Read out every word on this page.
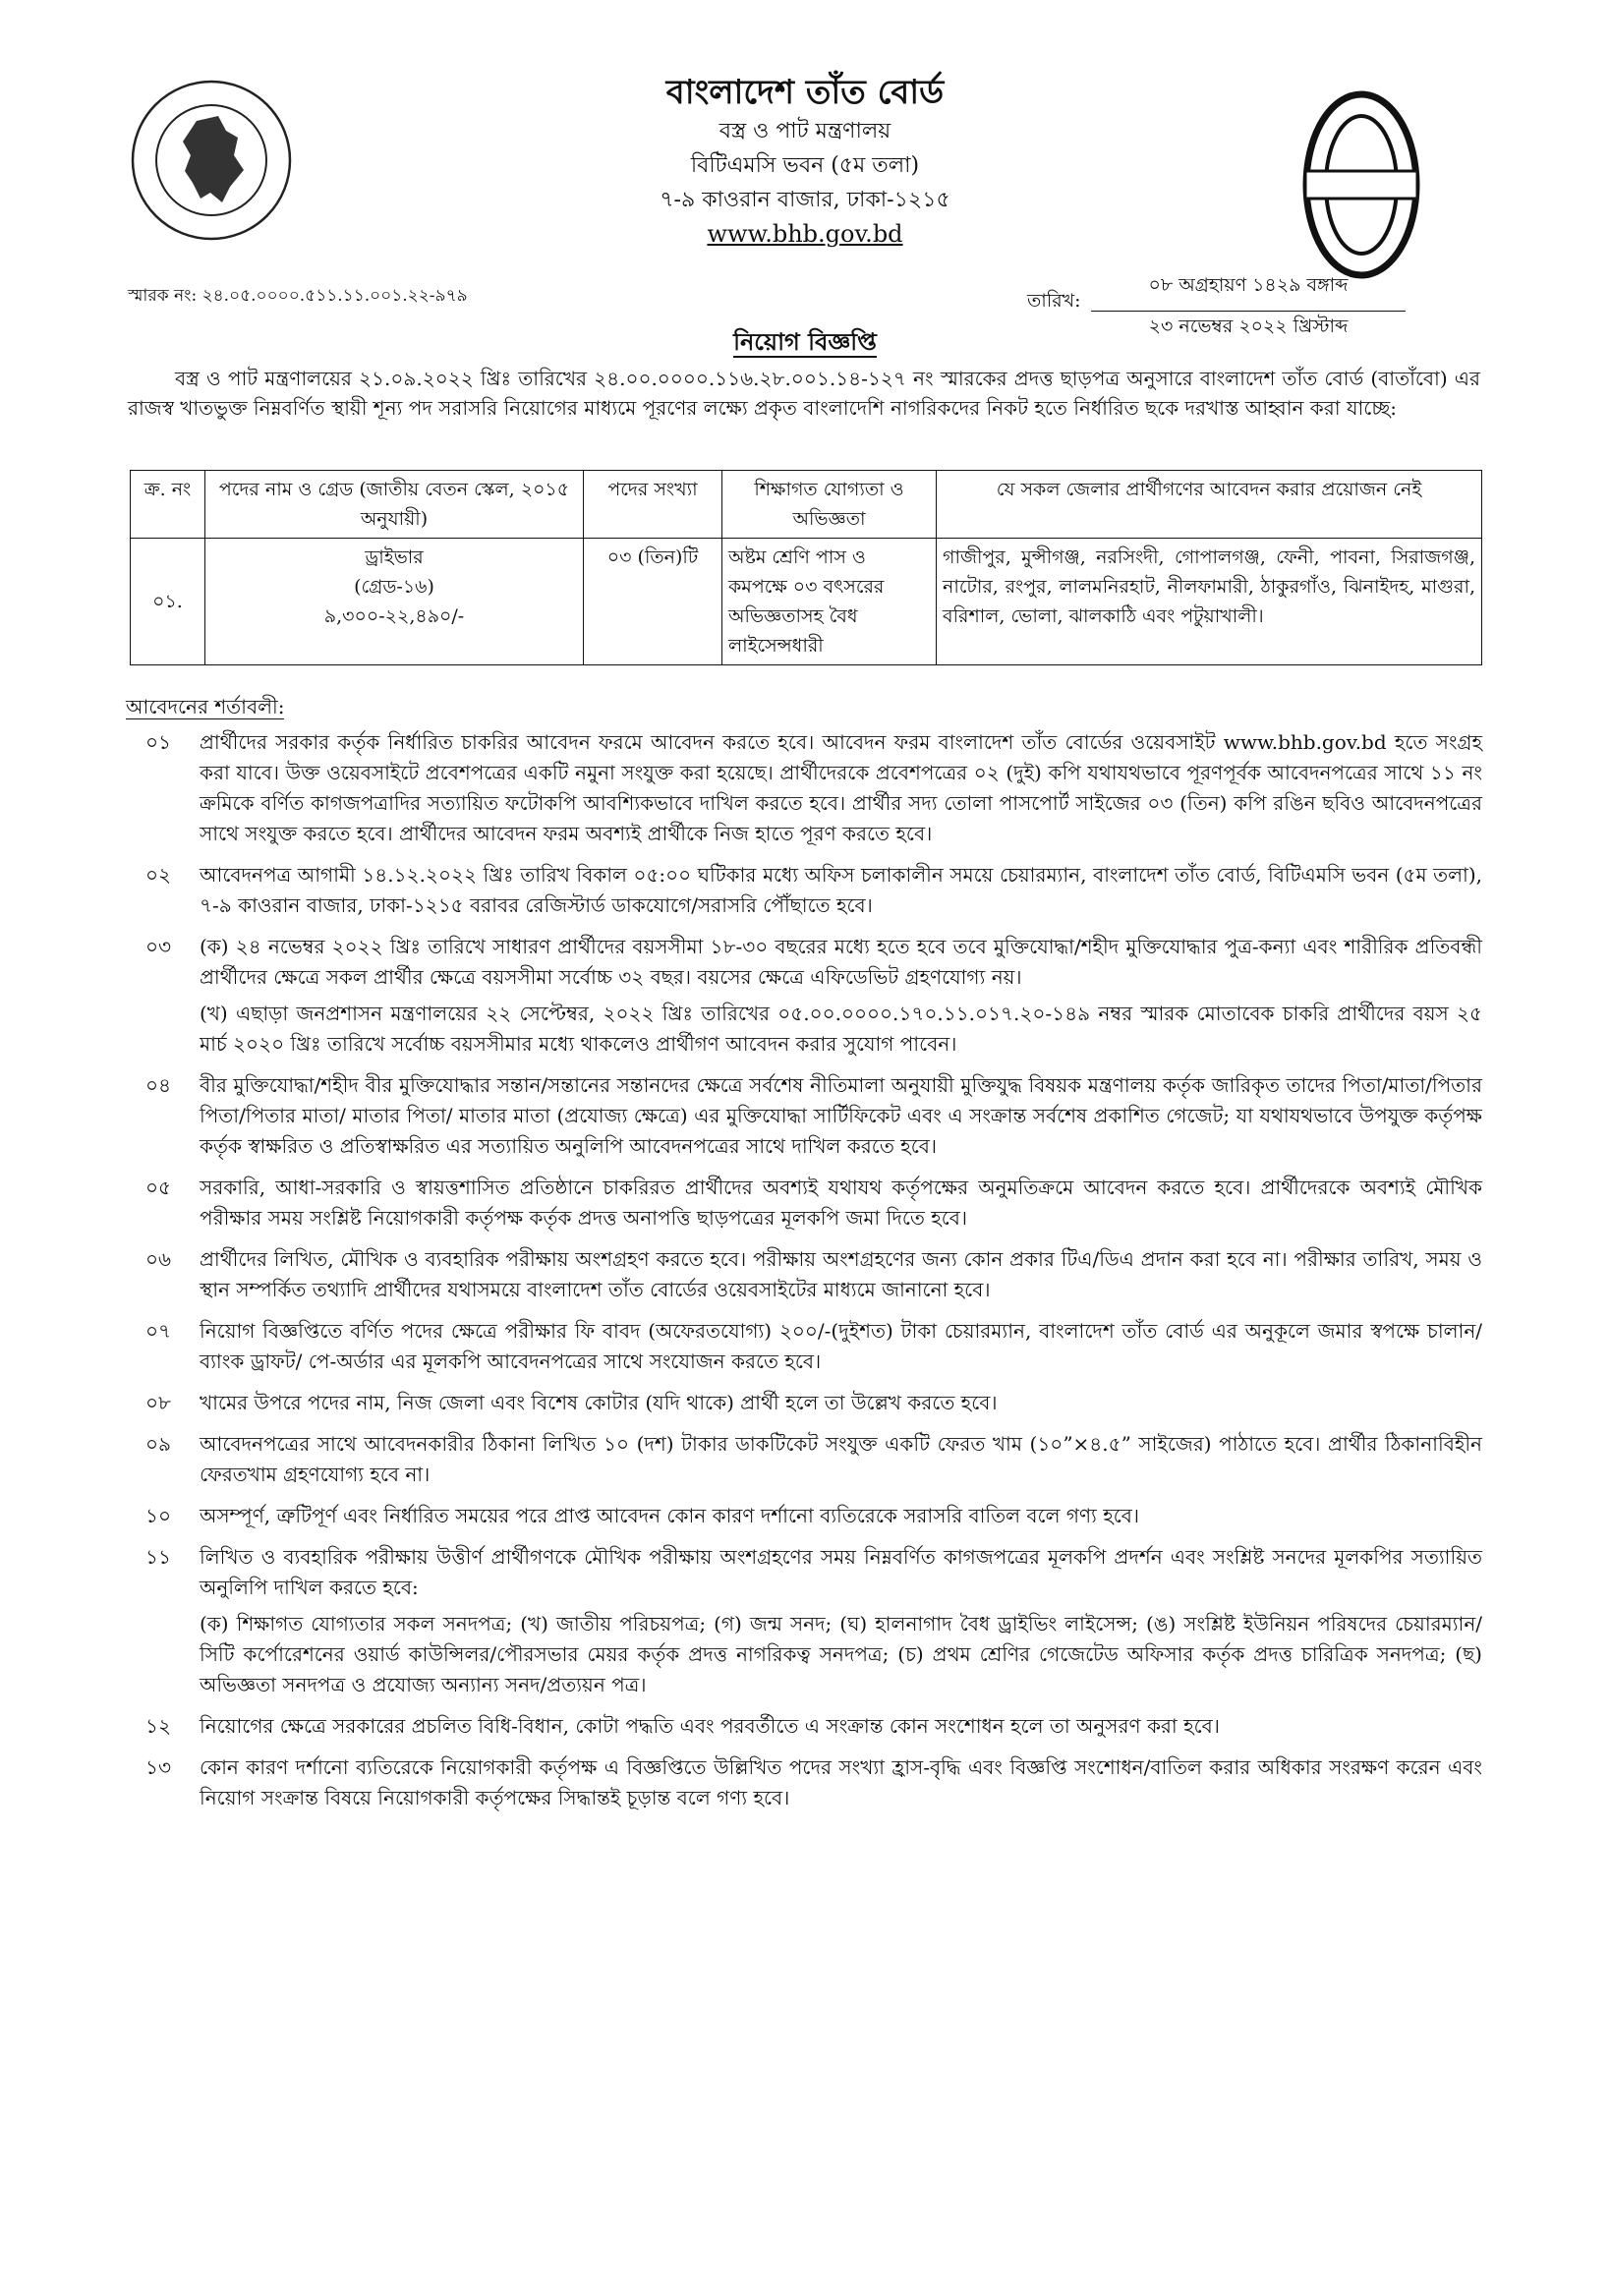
বাংলাদেশ তাঁত বোর্ড
বস্ত্র ও পাট মন্ত্রণালয়
বিটিএমসি ভবন (৫ম তলা)
৭-৯ কাওরান বাজার, ঢাকা-১২১৫
www.bhb.gov.bd
স্মারক নং: ২৪.০৫.০০০০.৫১১.১১.০০১.২২-৯৭৯	তারিখ:
০৮ অগ্রহায়ণ ১৪২৯ বঙ্গাব্দ
২৩ নভেম্বর ২০২২ খ্রিস্টাব্দ
নিয়োগ বিজ্ঞপ্তি
বস্ত্র ও পাট মন্ত্রণালয়ের ২১.০৯.২০২২ খ্রিঃ তারিখের ২৪.০০.০০০০.১১৬.২৮.০০১.১৪-১২৭ নং স্মারকের প্রদত্ত ছাড়পত্র অনুসারে বাংলাদেশ তাঁত বোর্ড (বাতাঁবো) এর রাজস্ব খাতভুক্ত নিম্নবর্ণিত স্থায়ী শূন্য পদ সরাসরি নিয়োগের মাধ্যমে পূরণের লক্ষ্যে প্রকৃত বাংলাদেশি নাগরিকদের নিকট হতে নির্ধারিত ছকে দরখাস্ত আহ্বান করা যাচ্ছে:
ক্র. নং	পদের নাম ও গ্রেড (জাতীয় বেতন স্কেল, ২০১৫ অনুযায়ী)	পদের সংখ্যা	শিক্ষাগত যোগ্যতা ও অভিজ্ঞতা	যে সকল জেলার প্রার্থীগণের আবেদন করার প্রয়োজন নেই
০১.	ড্রাইভার
(গ্রেড-১৬)
৯,৩০০-২২,৪৯০/-	০৩ (তিন)টি	অষ্টম শ্রেণি পাস ও কমপক্ষে ০৩ বৎসরের অভিজ্ঞতাসহ বৈধ লাইসেন্সধারী	গাজীপুর, মুন্সীগঞ্জ, নরসিংদী, গোপালগঞ্জ, ফেনী, পাবনা, সিরাজগঞ্জ, নাটোর, রংপুর, লালমনিরহাট, নীলফামারী, ঠাকুরগাঁও, ঝিনাইদহ, মাগুরা, বরিশাল, ভোলা, ঝালকাঠি এবং পটুয়াখালী।
আবেদনের শর্তাবলী:
০১	প্রার্থীদের সরকার কর্তৃক নির্ধারিত চাকরির আবেদন ফরমে আবেদন করতে হবে। আবেদন ফরম বাংলাদেশ তাঁত বোর্ডের ওয়েবসাইট www.bhb.gov.bd হতে সংগ্রহ করা যাবে। উক্ত ওয়েবসাইটে প্রবেশপত্রের একটি নমুনা সংযুক্ত করা হয়েছে। প্রার্থীদেরকে প্রবেশপত্রের ০২ (দুই) কপি যথাযথভাবে পূরণপূর্বক আবেদনপত্রের সাথে ১১ নং ক্রমিকে বর্ণিত কাগজপত্রাদির সত্যায়িত ফটোকপি আবশ্যিকভাবে দাখিল করতে হবে। প্রার্থীর সদ্য তোলা পাসপোর্ট সাইজের ০৩ (তিন) কপি রঙিন ছবিও আবেদনপত্রের সাথে সংযুক্ত করতে হবে। প্রার্থীদের আবেদন ফরম অবশ্যই প্রার্থীকে নিজ হাতে পূরণ করতে হবে।

০২	আবেদনপত্র আগামী ১৪.১২.২০২২ খ্রিঃ তারিখ বিকাল ০৫:০০ ঘটিকার মধ্যে অফিস চলাকালীন সময়ে চেয়ারম্যান, বাংলাদেশ তাঁত বোর্ড, বিটিএমসি ভবন (৫ম তলা), ৭-৯ কাওরান বাজার, ঢাকা-১২১৫ বরাবর রেজিস্টার্ড ডাকযোগে/সরাসরি পৌঁছাতে হবে।

০৩	(ক) ২৪ নভেম্বর ২০২২ খ্রিঃ তারিখে সাধারণ প্রার্থীদের বয়সসীমা ১৮-৩০ বছরের মধ্যে হতে হবে তবে মুক্তিযোদ্ধা/শহীদ মুক্তিযোদ্ধার পুত্র-কন্যা এবং শারীরিক প্রতিবন্ধী প্রার্থীদের ক্ষেত্রে সকল প্রার্থীর ক্ষেত্রে বয়সসীমা সর্বোচ্চ ৩২ বছর। বয়সের ক্ষেত্রে এফিডেভিট গ্রহণযোগ্য নয়।

(খ) এছাড়া জনপ্রশাসন মন্ত্রণালয়ের ২২ সেপ্টেম্বর, ২০২২ খ্রিঃ তারিখের ০৫.০০.০০০০.১৭০.১১.০১৭.২০-১৪৯ নম্বর স্মারক মোতাবেক চাকরি প্রার্থীদের বয়স ২৫ মার্চ ২০২০ খ্রিঃ তারিখে সর্বোচ্চ বয়সসীমার মধ্যে থাকলেও প্রার্থীগণ আবেদন করার সুযোগ পাবেন।

০৪	বীর মুক্তিযোদ্ধা/শহীদ বীর মুক্তিযোদ্ধার সন্তান/সন্তানের সন্তানদের ক্ষেত্রে সর্বশেষ নীতিমালা অনুযায়ী মুক্তিযুদ্ধ বিষয়ক মন্ত্রণালয় কর্তৃক জারিকৃত তাদের পিতা/মাতা/পিতার পিতা/পিতার মাতা/ মাতার পিতা/ মাতার মাতা (প্রযোজ্য ক্ষেত্রে) এর মুক্তিযোদ্ধা সার্টিফিকেট এবং এ সংক্রান্ত সর্বশেষ প্রকাশিত গেজেট; যা যথাযথভাবে উপযুক্ত কর্তৃপক্ষ কর্তৃক স্বাক্ষরিত ও প্রতিস্বাক্ষরিত এর সত্যায়িত অনুলিপি আবেদনপত্রের সাথে দাখিল করতে হবে।

০৫	সরকারি, আধা-সরকারি ও স্বায়ত্তশাসিত প্রতিষ্ঠানে চাকরিরত প্রার্থীদের অবশ্যই যথাযথ কর্তৃপক্ষের অনুমতিক্রমে আবেদন করতে হবে। প্রার্থীদেরকে অবশ্যই মৌখিক পরীক্ষার সময় সংশ্লিষ্ট নিয়োগকারী কর্তৃপক্ষ কর্তৃক প্রদত্ত অনাপত্তি ছাড়পত্রের মূলকপি জমা দিতে হবে।

০৬	প্রার্থীদের লিখিত, মৌখিক ও ব্যবহারিক পরীক্ষায় অংশগ্রহণ করতে হবে। পরীক্ষায় অংশগ্রহণের জন্য কোন প্রকার টিএ/ডিএ প্রদান করা হবে না। পরীক্ষার তারিখ, সময় ও স্থান সম্পর্কিত তথ্যাদি প্রার্থীদের যথাসময়ে বাংলাদেশ তাঁত বোর্ডের ওয়েবসাইটের মাধ্যমে জানানো হবে।

০৭	নিয়োগ বিজ্ঞপ্তিতে বর্ণিত পদের ক্ষেত্রে পরীক্ষার ফি বাবদ (অফেরতযোগ্য) ২০০/-(দুইশত) টাকা চেয়ারম্যান, বাংলাদেশ তাঁত বোর্ড এর অনুকূলে জমার স্বপক্ষে চালান/ ব্যাংক ড্রাফট/ পে-অর্ডার এর মূলকপি আবেদনপত্রের সাথে সংযোজন করতে হবে।

০৮	খামের উপরে পদের নাম, নিজ জেলা এবং বিশেষ কোটার (যদি থাকে) প্রার্থী হলে তা উল্লেখ করতে হবে।

০৯	আবেদনপত্রের সাথে আবেদনকারীর ঠিকানা লিখিত ১০ (দশ) টাকার ডাকটিকেট সংযুক্ত একটি ফেরত খাম (১০”×৪.৫” সাইজের) পাঠাতে হবে। প্রার্থীর ঠিকানাবিহীন ফেরতখাম গ্রহণযোগ্য হবে না।

১০	অসম্পূর্ণ, ত্রুটিপূর্ণ এবং নির্ধারিত সময়ের পরে প্রাপ্ত আবেদন কোন কারণ দর্শানো ব্যতিরেকে সরাসরি বাতিল বলে গণ্য হবে।

১১	লিখিত ও ব্যবহারিক পরীক্ষায় উত্তীর্ণ প্রার্থীগণকে মৌখিক পরীক্ষায় অংশগ্রহণের সময় নিম্নবর্ণিত কাগজপত্রের মূলকপি প্রদর্শন এবং সংশ্লিষ্ট সনদের মূলকপির সত্যায়িত অনুলিপি দাখিল করতে হবে:

(ক) শিক্ষাগত যোগ্যতার সকল সনদপত্র; (খ) জাতীয় পরিচয়পত্র; (গ) জন্ম সনদ; (ঘ) হালনাগাদ বৈধ ড্রাইভিং লাইসেন্স; (ঙ) সংশ্লিষ্ট ইউনিয়ন পরিষদের চেয়ারম্যান/সিটি কর্পোরেশনের ওয়ার্ড কাউন্সিলর/পৌরসভার মেয়র কর্তৃক প্রদত্ত নাগরিকত্ব সনদপত্র; (চ) প্রথম শ্রেণির গেজেটেড অফিসার কর্তৃক প্রদত্ত চারিত্রিক সনদপত্র; (ছ) অভিজ্ঞতা সনদপত্র ও প্রযোজ্য অন্যান্য সনদ/প্রত্যয়ন পত্র।

১২	নিয়োগের ক্ষেত্রে সরকারের প্রচলিত বিধি-বিধান, কোটা পদ্ধতি এবং পরবর্তীতে এ সংক্রান্ত কোন সংশোধন হলে তা অনুসরণ করা হবে।

১৩	কোন কারণ দর্শানো ব্যতিরেকে নিয়োগকারী কর্তৃপক্ষ এ বিজ্ঞপ্তিতে উল্লিখিত পদের সংখ্যা হ্রাস-বৃদ্ধি এবং বিজ্ঞপ্তি সংশোধন/বাতিল করার অধিকার সংরক্ষণ করেন এবং নিয়োগ সংক্রান্ত বিষয়ে নিয়োগকারী কর্তৃপক্ষের সিদ্ধান্তই চূড়ান্ত বলে গণ্য হবে।
